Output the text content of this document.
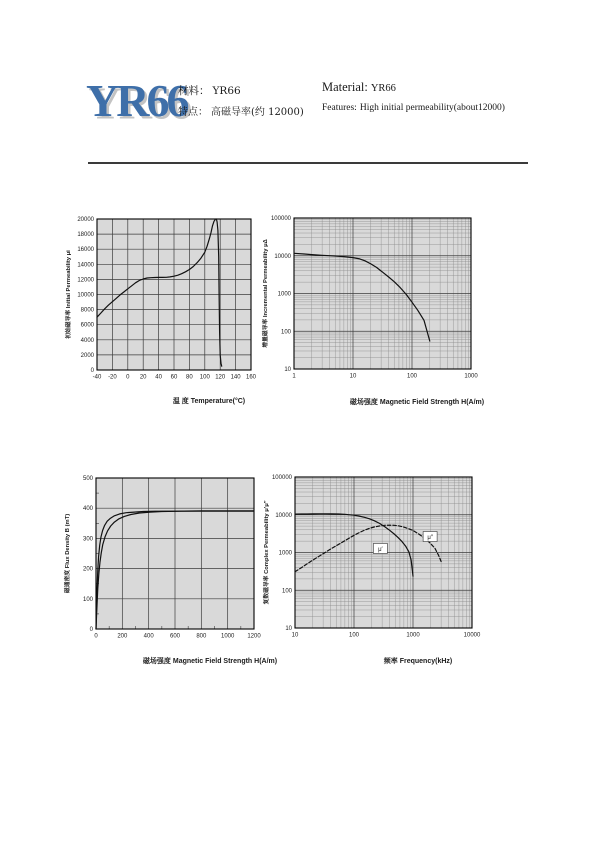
YR66
材料： YR66
特点： 高磁导率(约 12000)
Material: YR66
Features: High initial permeability(about12000)
-40 -20 0 20 40 60 80 100 120 140 160
0
2000
4000
6000
8000
10000
12000
14000
16000
18000
20000
初始磁导率 Initial Permeability μi
1	10	100	1000
10
100
1000
10000
100000
增量磁导率 Incremental Permeability μΔ
0	200	400	600	800 1000 1200
0
100
200
300
400
500
磁通密度 Flux Density B (mT)
10	100	1000	10000
10
100
1000
10000
100000
μ′
μ″
复数磁导率 Complex Permeability μ′μ″
温 度 Temperature(°C)	磁场强度 Magnetic Field Strength H(A/m)
磁场强度 Magnetic Field Strength H(A/m)	频率 Frequency(kHz)
